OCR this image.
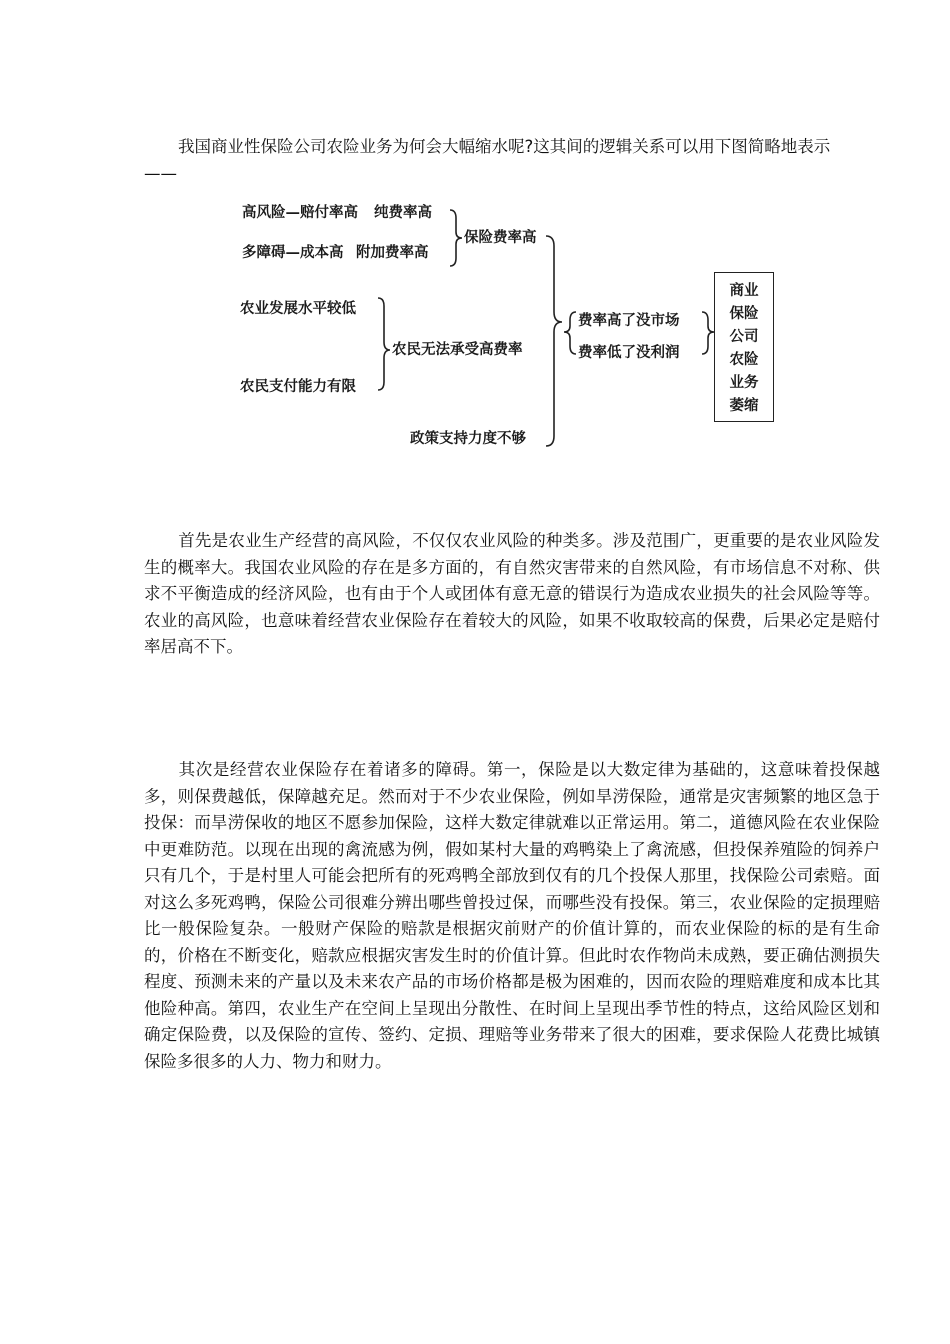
我国商业性保险公司农险业务为何会大幅缩水呢?这其间的逻辑关系可以用下图简略地表示
——

高风险—赔付率高 纯费率高
多障碍—成本高 附加费率高
保险费率高
农业发展水平较低
农民支付能力有限
农民无法承受高费率
政策支持力度不够
费率高了没市场
费率低了没利润
商业
保险
公司
农险
业务
萎缩

首先是农业生产经营的高风险，不仅仅农业风险的种类多。涉及范围广，更重要的是农业风险发生的概率大。我国农业风险的存在是多方面的，有自然灾害带来的自然风险，有市场信息不对称、供求不平衡造成的经济风险，也有由于个人或团体有意无意的错误行为造成农业损失的社会风险等等。农业的高风险，也意味着经营农业保险存在着较大的风险，如果不收取较高的保费，后果必定是赔付率居高不下。

其次是经营农业保险存在着诸多的障碍。第一，保险是以大数定律为基础的，这意味着投保越多，则保费越低，保障越充足。然而对于不少农业保险，例如旱涝保险，通常是灾害频繁的地区急于投保：而旱涝保收的地区不愿参加保险，这样大数定律就难以正常运用。第二，道德风险在农业保险中更难防范。以现在出现的禽流感为例，假如某村大量的鸡鸭染上了禽流感，但投保养殖险的饲养户只有几个，于是村里人可能会把所有的死鸡鸭全部放到仅有的几个投保人那里，找保险公司索赔。面对这么多死鸡鸭，保险公司很难分辨出哪些曾投过保，而哪些没有投保。第三，农业保险的定损理赔比一般保险复杂。一般财产保险的赔款是根据灾前财产的价值计算的，而农业保险的标的是有生命的，价格在不断变化，赔款应根据灾害发生时的价值计算。但此时农作物尚未成熟，要正确估测损失程度、预测未来的产量以及未来农产品的市场价格都是极为困难的，因而农险的理赔难度和成本比其他险种高。第四，农业生产在空间上呈现出分散性、在时间上呈现出季节性的特点，这给风险区划和确定保险费，以及保险的宣传、签约、定损、理赔等业务带来了很大的困难，要求保险人花费比城镇保险多很多的人力、物力和财力。
